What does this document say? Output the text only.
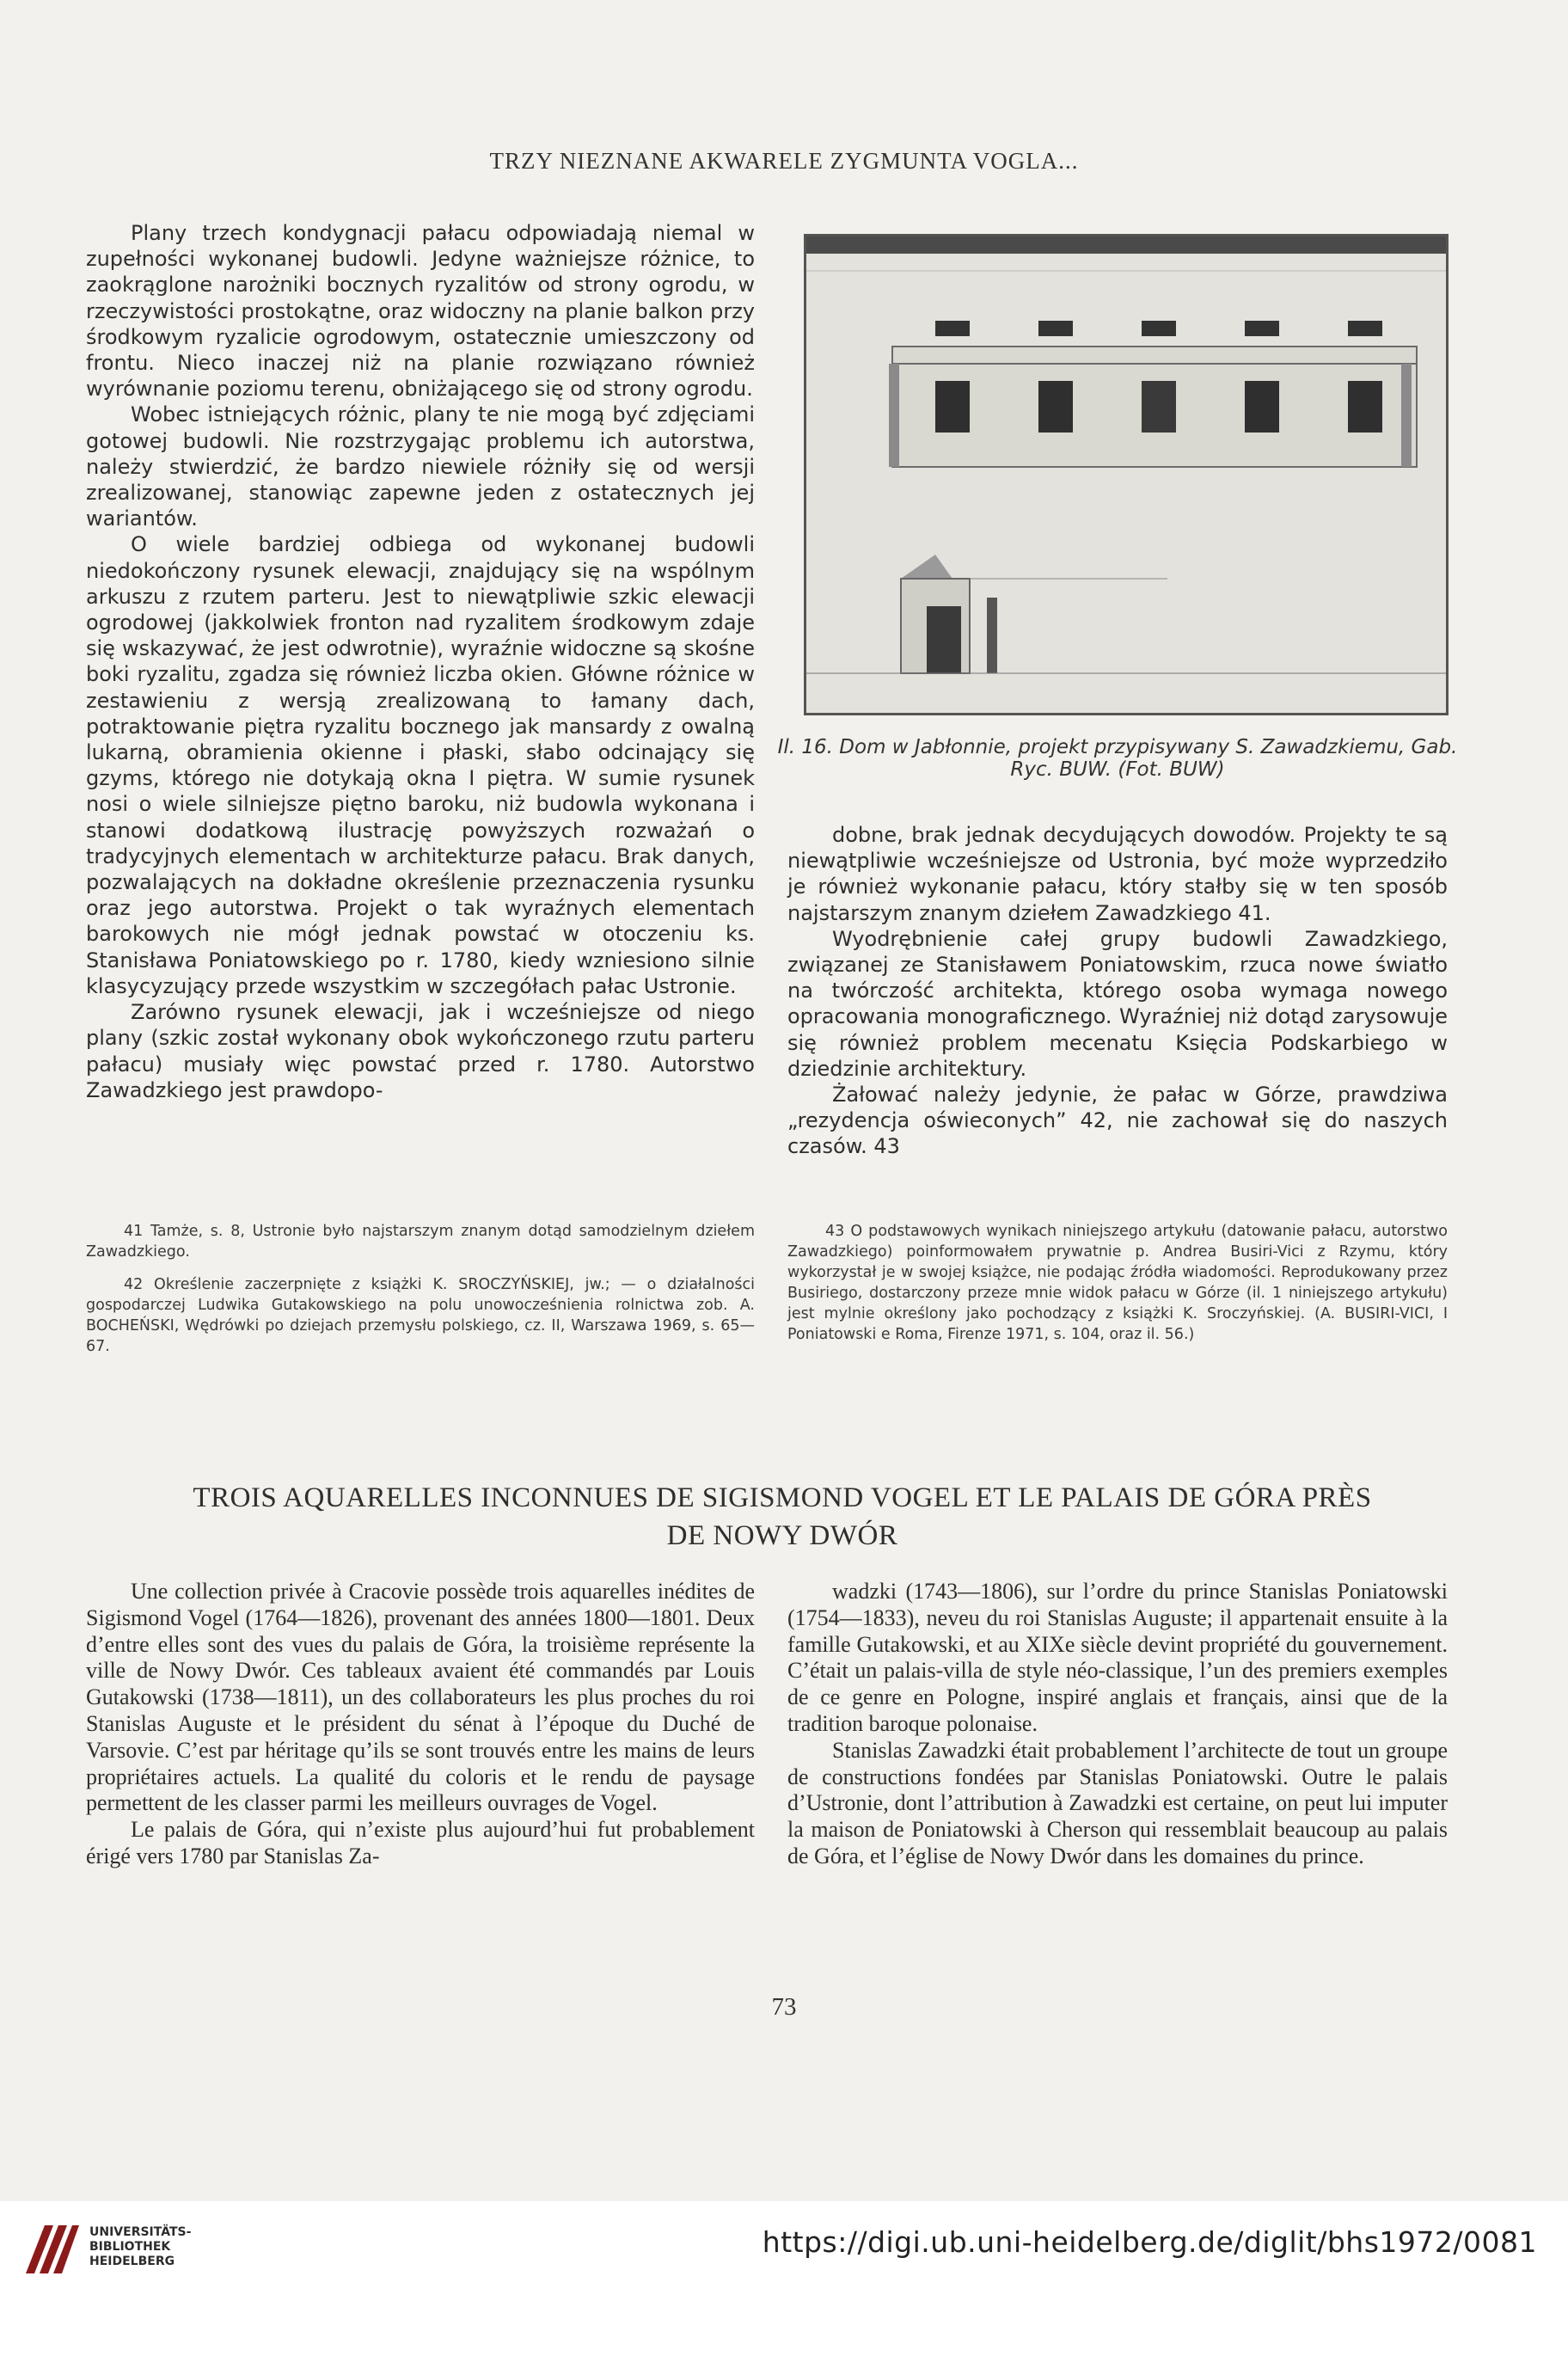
TRZY NIEZNANE AKWARELE ZYGMUNTA VOGLA...

Plany trzech kondygnacji pałacu odpowiadają niemal w zupełności wykonanej budowli. Jedyne ważniejsze różnice, to zaokrąglone narożniki bocznych ryzalitów od strony ogrodu, w rzeczywistości prostokątne, oraz widoczny na planie balkon przy środkowym ryzalicie ogrodowym, ostatecznie umieszczony od frontu. Nieco inaczej niż na planie rozwiązano również wyrównanie poziomu terenu, obniżającego się od strony ogrodu.

Wobec istniejących różnic, plany te nie mogą być zdjęciami gotowej budowli. Nie rozstrzygając problemu ich autorstwa, należy stwierdzić, że bardzo niewiele różniły się od wersji zrealizowanej, stanowiąc zapewne jeden z ostatecznych jej wariantów.

O wiele bardziej odbiega od wykonanej budowli niedokończony rysunek elewacji, znajdujący się na wspólnym arkuszu z rzutem parteru. Jest to niewątpliwie szkic elewacji ogrodowej (jakkolwiek fronton nad ryzalitem środkowym zdaje się wskazywać, że jest odwrotnie), wyraźnie widoczne są skośne boki ryzalitu, zgadza się również liczba okien. Główne różnice w zestawieniu z wersją zrealizowaną to łamany dach, potraktowanie piętra ryzalitu bocznego jak mansardy z owalną lukarną, obramienia okienne i płaski, słabo odcinający się gzyms, którego nie dotykają okna I piętra. W sumie rysunek nosi o wiele silniejsze piętno baroku, niż budowla wykonana i stanowi dodatkową ilustrację powyższych rozważań o tradycyjnych elementach w architekturze pałacu. Brak danych, pozwalających na dokładne określenie przeznaczenia rysunku oraz jego autorstwa. Projekt o tak wyraźnych elementach barokowych nie mógł jednak powstać w otoczeniu ks. Stanisława Poniatowskiego po r. 1780, kiedy wzniesiono silnie klasycyzujący przede wszystkim w szczegółach pałac Ustronie.

Zarówno rysunek elewacji, jak i wcześniejsze od niego plany (szkic został wykonany obok wykończonego rzutu parteru pałacu) musiały więc powstać przed r. 1780. Autorstwo Zawadzkiego jest prawdopo-

Il. 16. Dom w Jabłonnie, projekt przypisywany S. Zawadzkiemu, Gab. Ryc. BUW. (Fot. BUW)

dobne, brak jednak decydujących dowodów. Projekty te są niewątpliwie wcześniejsze od Ustronia, być może wyprzedziło je również wykonanie pałacu, który stałby się w ten sposób najstarszym znanym dziełem Zawadzkiego 41.

Wyodrębnienie całej grupy budowli Zawadzkiego, związanej ze Stanisławem Poniatowskim, rzuca nowe światło na twórczość architekta, którego osoba wymaga nowego opracowania monograficznego. Wyraźniej niż dotąd zarysowuje się również problem mecenatu Księcia Podskarbiego w dziedzinie architektury.

Żałować należy jedynie, że pałac w Górze, prawdziwa „rezydencja oświeconych” 42, nie zachował się do naszych czasów. 43

41 Tamże, s. 8, Ustronie było najstarszym znanym dotąd samodzielnym dziełem Zawadzkiego.

42 Określenie zaczerpnięte z książki K. SROCZYŃSKIEJ, jw.; — o działalności gospodarczej Ludwika Gutakowskiego na polu unowocześnienia rolnictwa zob. A. BOCHEŃSKI, Wędrówki po dziejach przemysłu polskiego, cz. II, Warszawa 1969, s. 65—67.

43 O podstawowych wynikach niniejszego artykułu (datowanie pałacu, autorstwo Zawadzkiego) poinformowałem prywatnie p. Andrea Busiri-Vici z Rzymu, który wykorzystał je w swojej książce, nie podając źródła wiadomości. Reprodukowany przez Busiriego, dostarczony przeze mnie widok pałacu w Górze (il. 1 niniejszego artykułu) jest mylnie określony jako pochodzący z książki K. Sroczyńskiej. (A. BUSIRI-VICI, I Poniatowski e Roma, Firenze 1971, s. 104, oraz il. 56.)

TROIS AQUARELLES INCONNUES DE SIGISMOND VOGEL ET LE PALAIS DE GÓRA PRÈS
DE NOWY DWÓR

Une collection privée à Cracovie possède trois aquarelles inédites de Sigismond Vogel (1764—1826), provenant des années 1800—1801. Deux d’entre elles sont des vues du palais de Góra, la troisième représente la ville de Nowy Dwór. Ces tableaux avaient été commandés par Louis Gutakowski (1738—1811), un des collaborateurs les plus proches du roi Stanislas Auguste et le président du sénat à l’époque du Duché de Varsovie. C’est par héritage qu’ils se sont trouvés entre les mains de leurs propriétaires actuels. La qualité du coloris et le rendu de paysage permettent de les classer parmi les meilleurs ouvrages de Vogel.

Le palais de Góra, qui n’existe plus aujourd’hui fut probablement érigé vers 1780 par Stanislas Za-

wadzki (1743—1806), sur l’ordre du prince Stanislas Poniatowski (1754—1833), neveu du roi Stanislas Auguste; il appartenait ensuite à la famille Gutakowski, et au XIXe siècle devint propriété du gouvernement. C’était un palais-villa de style néo-classique, l’un des premiers exemples de ce genre en Pologne, inspiré anglais et français, ainsi que de la tradition baroque polonaise.

Stanislas Zawadzki était probablement l’architecte de tout un groupe de constructions fondées par Stanislas Poniatowski. Outre le palais d’Ustronie, dont l’attribution à Zawadzki est certaine, on peut lui imputer la maison de Poniatowski à Cherson qui ressemblait beaucoup au palais de Góra, et l’église de Nowy Dwór dans les domaines du prince.

73
UNIVERSITÄTS-
BIBLIOTHEK
HEIDELBERG
https://digi.ub.uni-heidelberg.de/diglit/bhs1972/0081
